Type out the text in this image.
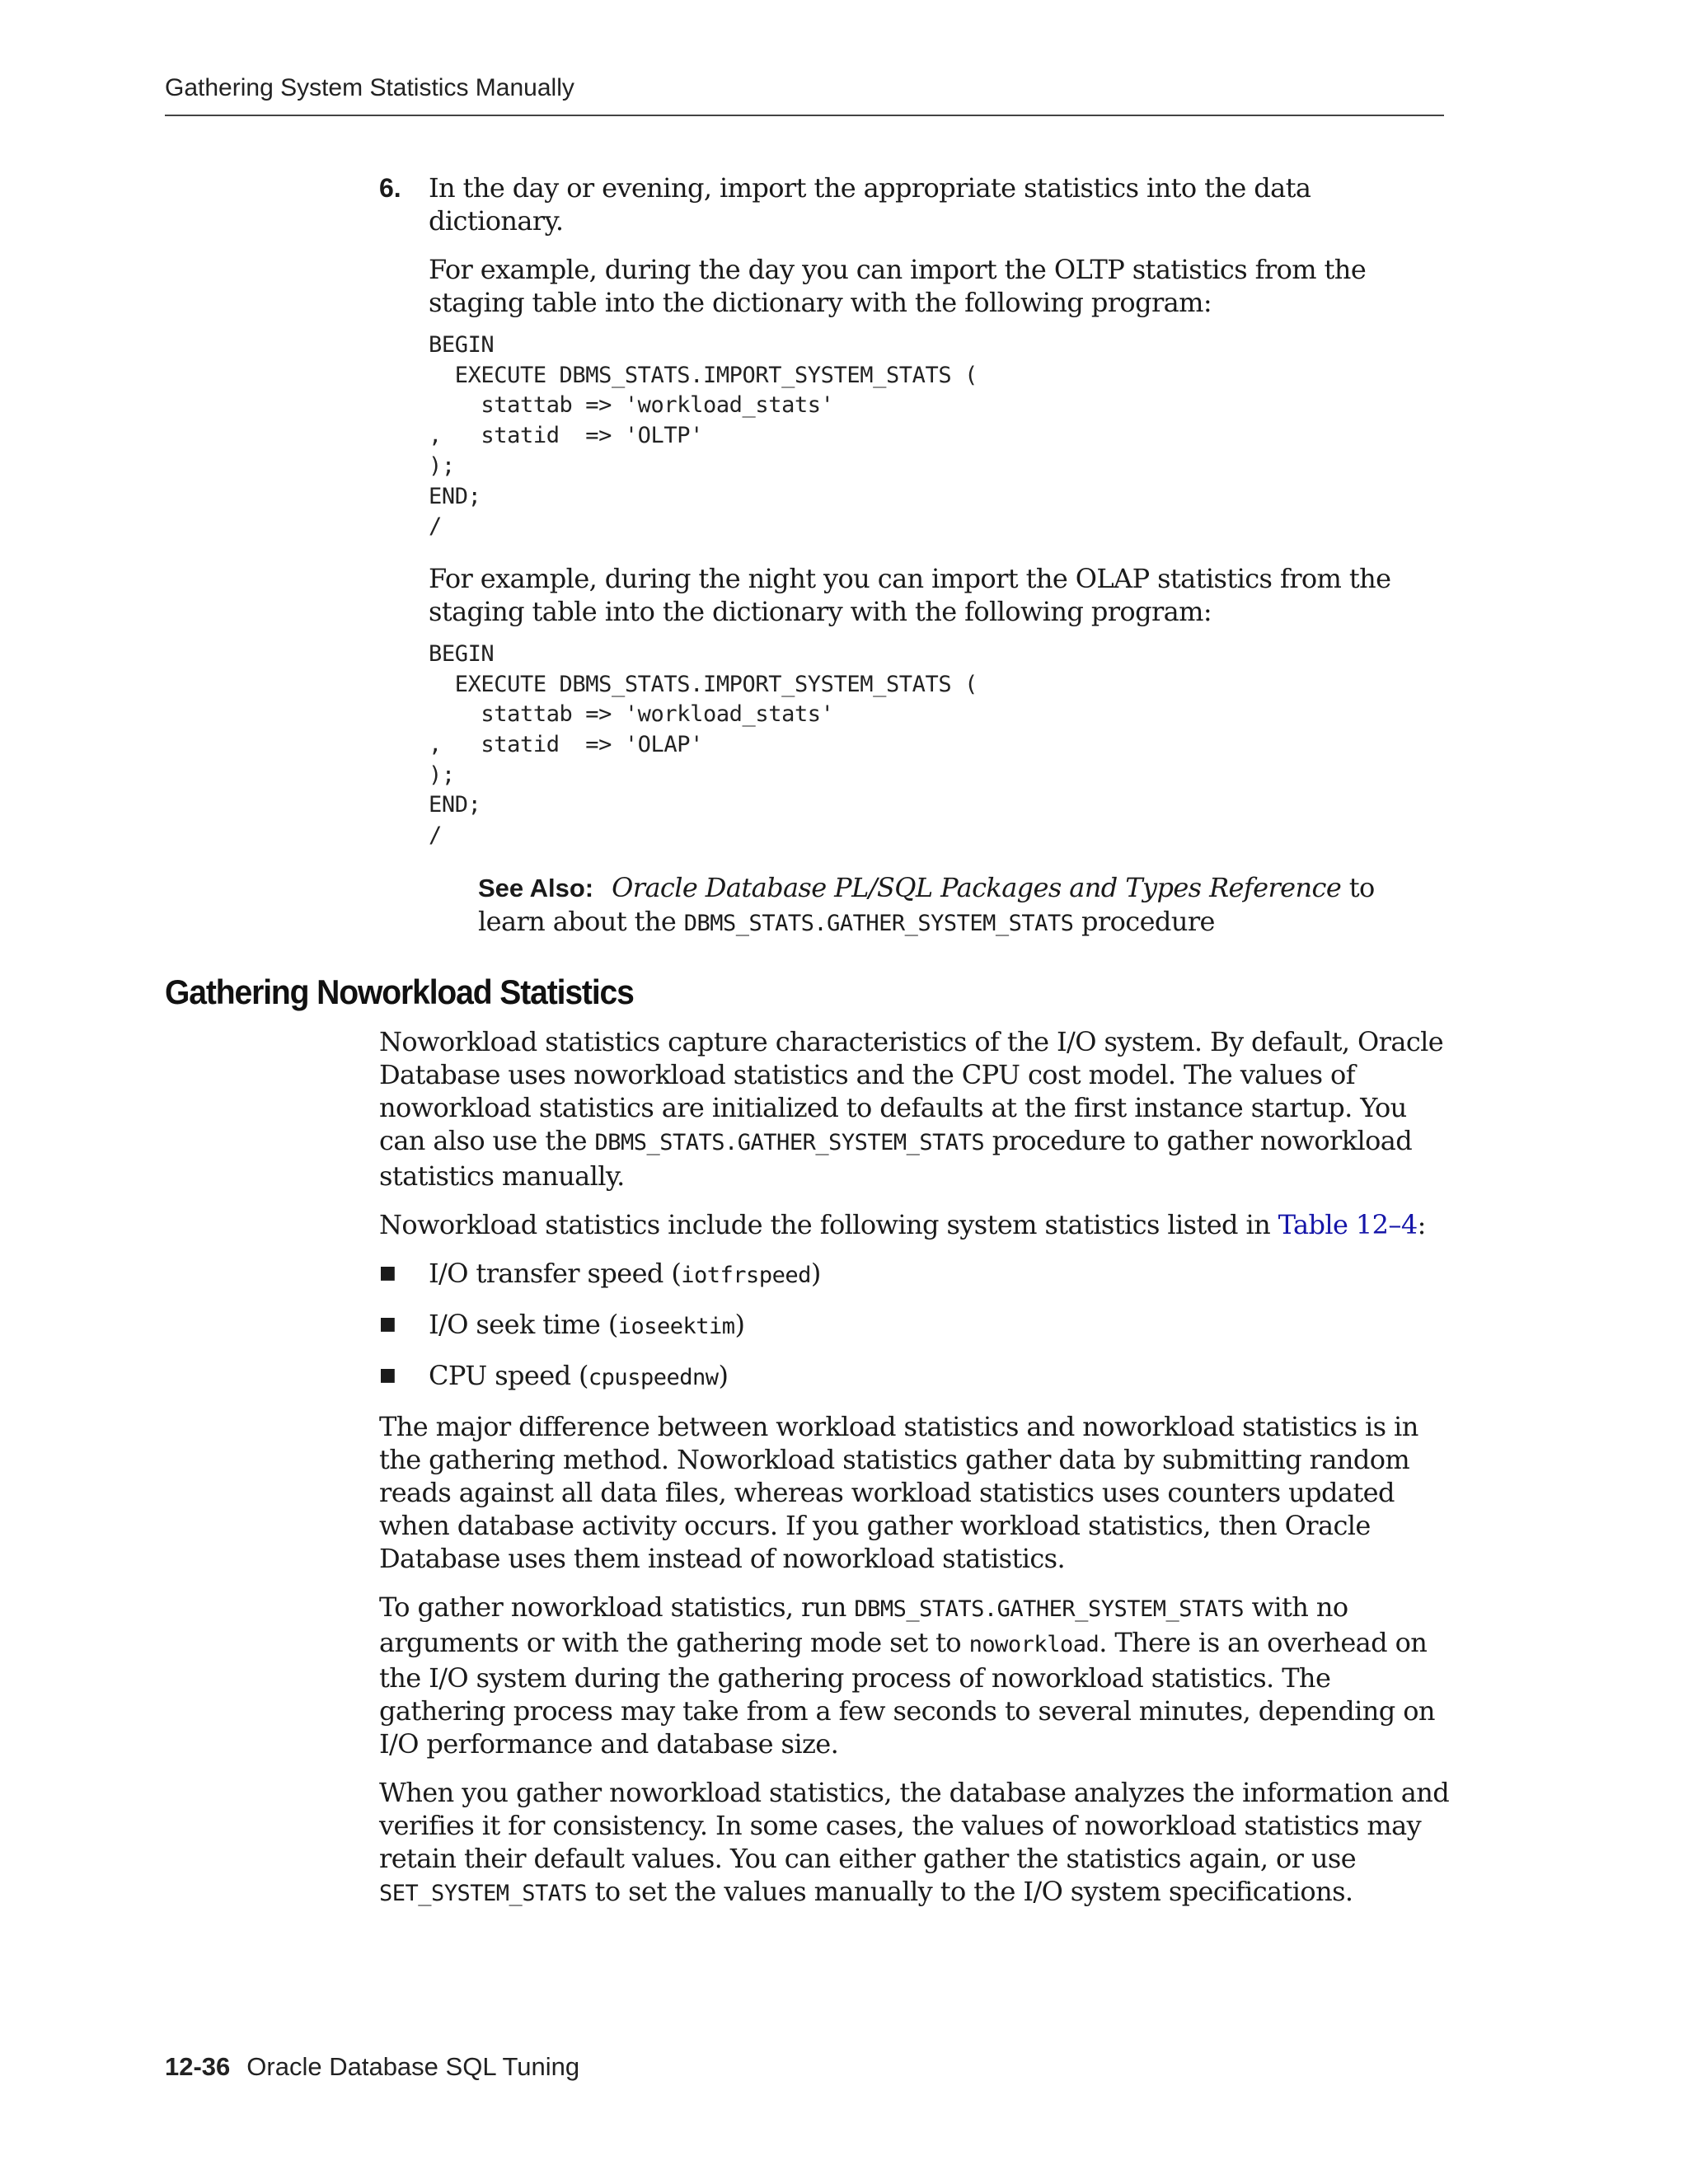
Gathering System Statistics Manually
6.	In the day or evening, import the appropriate statistics into the data dictionary.

For example, during the day you can import the OLTP statistics from the staging table into the dictionary with the following program:

BEGIN
EXECUTE DBMS_STATS.IMPORT_SYSTEM_STATS (
stattab => 'workload_stats'
,   statid  => 'OLTP'
);
END;
/

For example, during the night you can import the OLAP statistics from the staging table into the dictionary with the following program:

BEGIN
EXECUTE DBMS_STATS.IMPORT_SYSTEM_STATS (
stattab => 'workload_stats'
,   statid  => 'OLAP'
);
END;
/
See Also: Oracle Database PL/SQL Packages and Types Reference to learn about the DBMS_STATS.GATHER_SYSTEM_STATS procedure
Gathering Noworkload Statistics

Noworkload statistics capture characteristics of the I/O system. By default, Oracle Database uses noworkload statistics and the CPU cost model. The values of noworkload statistics are initialized to defaults at the first instance startup. You can also use the DBMS_STATS.GATHER_SYSTEM_STATS procedure to gather noworkload statistics manually.

Noworkload statistics include the following system statistics listed in Table 12–4:

■	I/O transfer speed (iotfrspeed)
■	I/O seek time (ioseektim)
■	CPU speed (cpuspeednw)

The major difference between workload statistics and noworkload statistics is in the gathering method. Noworkload statistics gather data by submitting random reads against all data files, whereas workload statistics uses counters updated when database activity occurs. If you gather workload statistics, then Oracle Database uses them instead of noworkload statistics.

To gather noworkload statistics, run DBMS_STATS.GATHER_SYSTEM_STATS with no arguments or with the gathering mode set to noworkload. There is an overhead on the I/O system during the gathering process of noworkload statistics. The gathering process may take from a few seconds to several minutes, depending on I/O performance and database size.

When you gather noworkload statistics, the database analyzes the information and verifies it for consistency. In some cases, the values of noworkload statistics may retain their default values. You can either gather the statistics again, or use SET_SYSTEM_STATS to set the values manually to the I/O system specifications.

12-36 Oracle Database SQL Tuning
